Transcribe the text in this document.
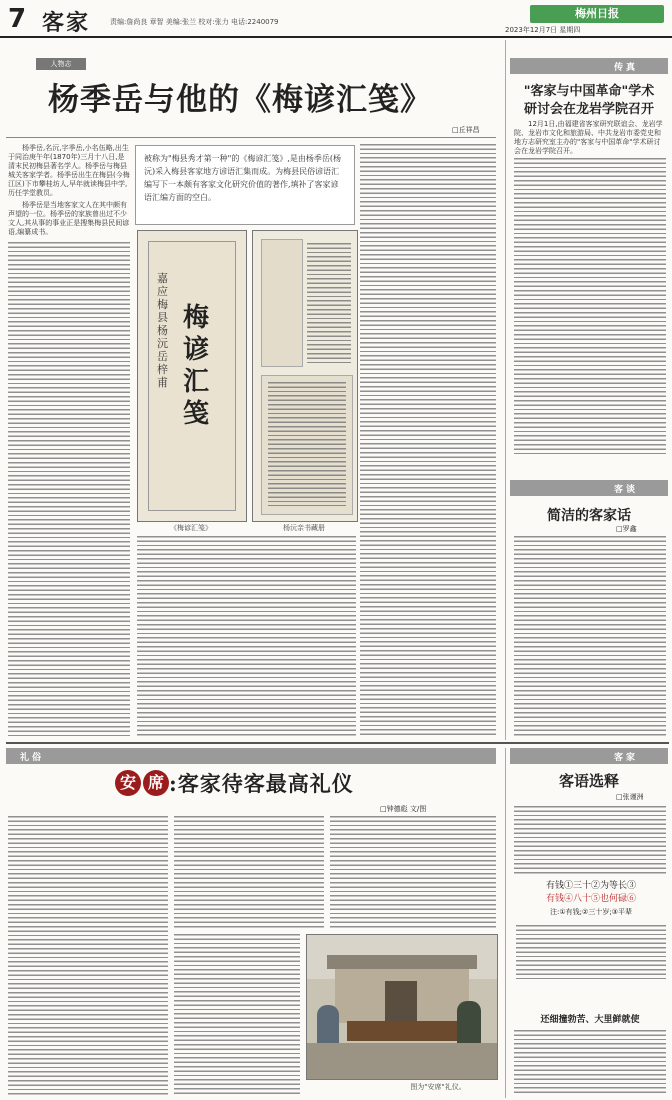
7 客家	责编:詹尚良 章智 美编:张兰 校对:张力 电话:2240079
梅州日报
2023年12月7日 星期四
人物志
杨季岳与他的《梅谚汇笺》
□丘祥昌

杨季岳,名沅,字季岳,小名伍略,出生于同治庚午年(1870年)三月十八日,是清末民初梅县著名学人。杨季岳与梅县城关客家学者。杨季岳出生在梅县(今梅江区)下市攀桂坊人,早年就读梅县中学,历任学堂教员。

杨季岳是当地客家文人在其中颇有声望的一位。杨季岳的家族曾出过不少文人,其从事的事业正是搜集梅县民间谚语,编纂成书。

被称为"梅县秀才第一种"的《梅谚汇笺》,是由杨季岳(杨沅)采入梅县客家地方谚语汇集而成。为梅县民俗谚语汇编写下一本颇有客家文化研究价值的著作,填补了客家谚语汇编方面的空白。
嘉应梅县杨沅岳梓甫
梅谚汇笺
《梅谚汇笺》	杨沅亲书藏册
传真
"客家与中国革命"学术
研讨会在龙岩学院召开
12月1日,由福建省客家研究联谊会、龙岩学院、龙岩市文化和旅游局、中共龙岩市委党史和地方志研究室主办的"客家与中国革命"学术研讨会在龙岩学院召开。
客谈
简洁的客家话
□罗鑫
礼俗
安 席 :客家待客最高礼仪
□钟德彪 文/图
图为"安席"礼仪。
客家
客语选释
□张谨洲
有钱①三十②为等长③
有钱④八十⑤也何碌⑥
注:①有钱;②三十岁;③平辈
还细撞勃苦、大里鲜就使
